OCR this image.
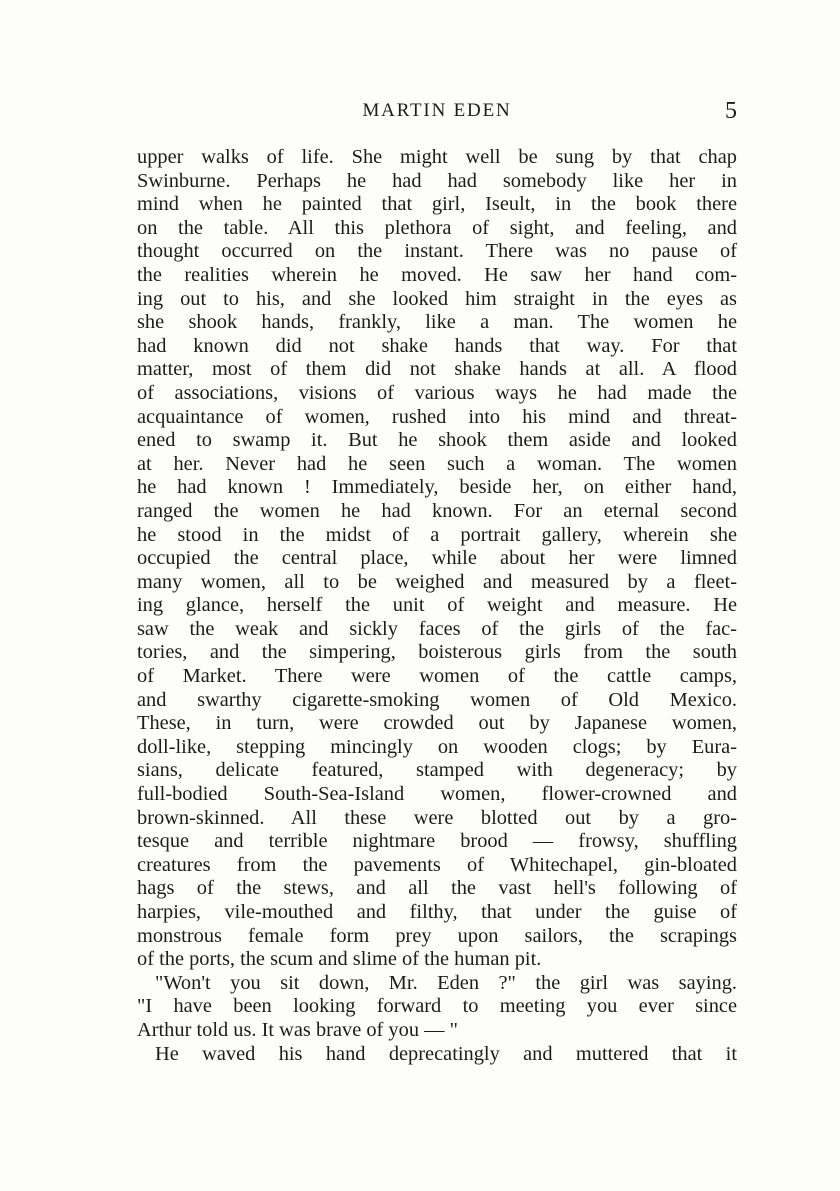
MARTIN EDEN	5
upper walks of life. She might well be sung by that chap
Swinburne. Perhaps he had had somebody like her in
mind when he painted that girl, Iseult, in the book there
on the table. All this plethora of sight, and feeling, and
thought occurred on the instant. There was no pause of
the realities wherein he moved. He saw her hand com-
ing out to his, and she looked him straight in the eyes as
she shook hands, frankly, like a man. The women he
had known did not shake hands that way. For that
matter, most of them did not shake hands at all. A flood
of associations, visions of various ways he had made the
acquaintance of women, rushed into his mind and threat-
ened to swamp it. But he shook them aside and looked
at her. Never had he seen such a woman. The women
he had known ! Immediately, beside her, on either hand,
ranged the women he had known. For an eternal second
he stood in the midst of a portrait gallery, wherein she
occupied the central place, while about her were limned
many women, all to be weighed and measured by a fleet-
ing glance, herself the unit of weight and measure. He
saw the weak and sickly faces of the girls of the fac-
tories, and the simpering, boisterous girls from the south
of Market. There were women of the cattle camps,
and swarthy cigarette-smoking women of Old Mexico.
These, in turn, were crowded out by Japanese women,
doll-like, stepping mincingly on wooden clogs; by Eura-
sians, delicate featured, stamped with degeneracy; by
full-bodied South-Sea-Island women, flower-crowned and
brown-skinned. All these were blotted out by a gro-
tesque and terrible nightmare brood — frowsy, shuffling
creatures from the pavements of Whitechapel, gin-bloated
hags of the stews, and all the vast hell's following of
harpies, vile-mouthed and filthy, that under the guise of
monstrous female form prey upon sailors, the scrapings
of the ports, the scum and slime of the human pit.
"Won't you sit down, Mr. Eden ?" the girl was saying.
"I have been looking forward to meeting you ever since
Arthur told us. It was brave of you — "
He waved his hand deprecatingly and muttered that it
